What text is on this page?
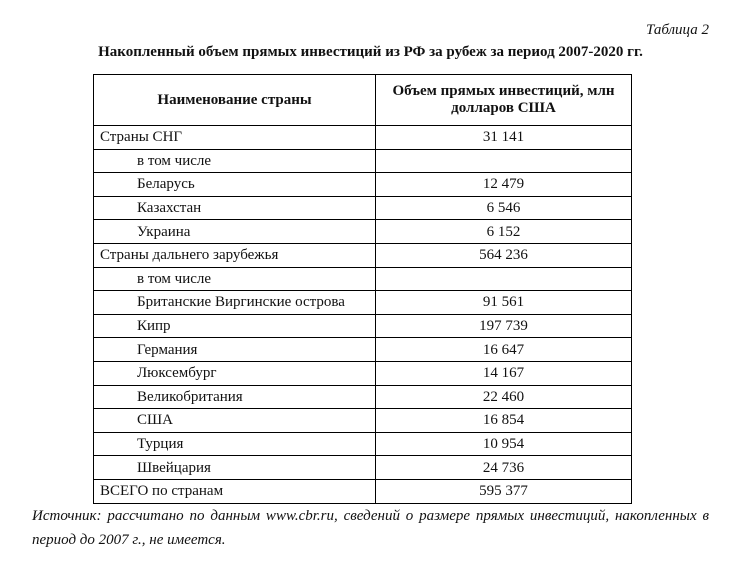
Таблица 2
Накопленный объем прямых инвестиций из РФ за рубеж за период 2007-2020 гг.
Наименование страны	Объем прямых инвестиций, млн долларов США
Страны СНГ	31 141
в том числе	
Беларусь	12 479
Казахстан	6 546
Украина	6 152
Страны дальнего зарубежья	564 236
в том числе	
Британские Виргинские острова	91 561
Кипр	197 739
Германия	16 647
Люксембург	14 167
Великобритания	22 460
США	16 854
Турция	10 954
Швейцария	24 736
ВСЕГО по странам	595 377
Источник: рассчитано по данным www.cbr.ru, сведений о размере прямых инвестиций, накопленных в период до 2007 г., не имеется.
